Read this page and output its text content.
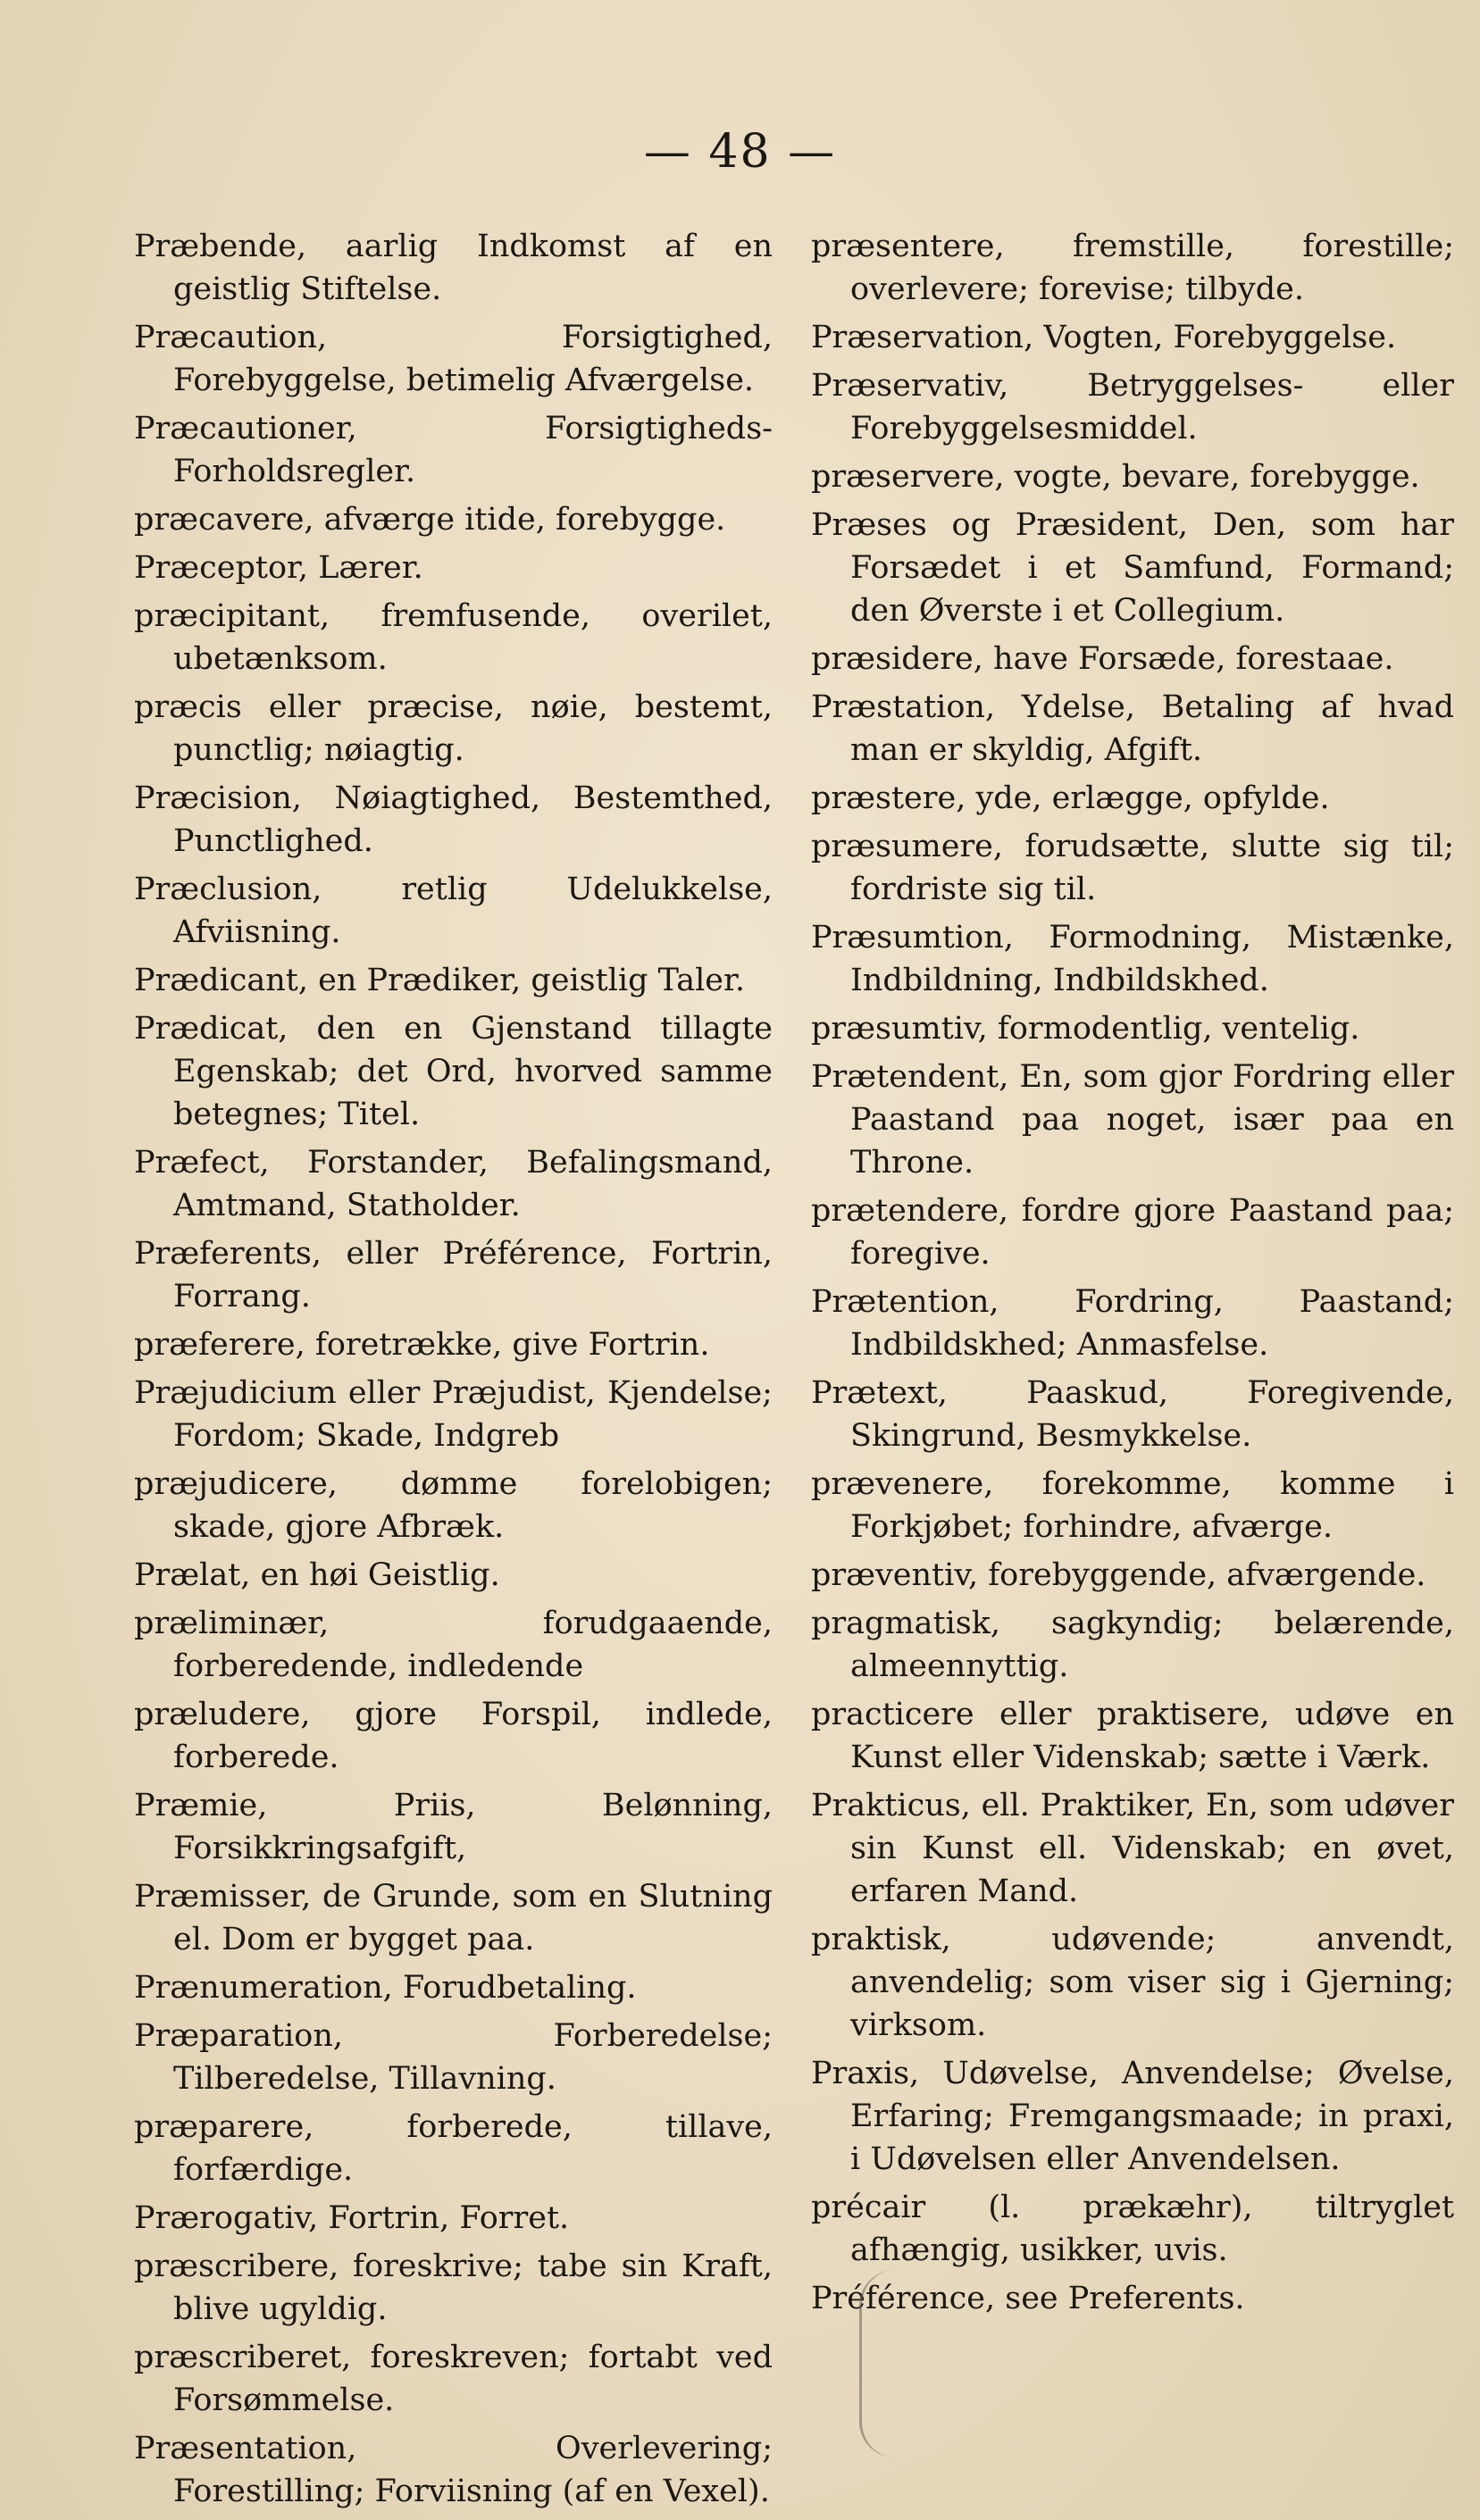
— 48 —

Præbende, aarlig Indkomst af en geistlig Stiftelse.

Præcaution,	Forsigtighed, Forebyggelse, betimelig Afværgelse.

Præcautioner,	Forsigtigheds-Forholdsregler.

præcavere, afværge itide, forebygge.

Præceptor, Lærer.

præcipitant, fremfusende, overilet, ubetænksom.

præcis eller præcise, nøie, bestemt, punctlig; nøiagtig.

Præcision, Nøiagtighed, Bestemthed, Punctlighed.

Præclusion,	retlig Udelukkelse, Afviisning.

Prædicant, en Prædiker, geistlig Taler.

Prædicat, den en Gjenstand tillagte Egenskab; det Ord, hvorved samme betegnes; Titel.

Præfect, Forstander, Befalingsmand, Amtmand, Statholder.

Præferents, eller Préférence, Fortrin, Forrang.

præferere, foretrække, give Fortrin.

Præjudicium eller Præjudist, Kjendelse; Fordom; Skade, Indgreb

præjudicere, dømme forelobigen; skade, gjore Afbræk.

Prælat, en høi Geistlig.

præliminær,	forudgaaende, forberedende, indledende

præludere, gjore Forspil, indlede, forberede.

Præmie,	Priis, Belønning, Forsikkringsafgift,

Præmisser, de Grunde, som en Slutning el. Dom er bygget paa.

Prænumeration, Forudbetaling.

Præparation,	Forberedelse; Tilberedelse, Tillavning.

præparere,	forberede, tillave, forfærdige.

Prærogativ, Fortrin, Forret.

præscribere, foreskrive; tabe sin Kraft, blive ugyldig.

præscriberet, foreskreven; fortabt ved Forsømmelse.

Præsentation,	Overlevering; Forestilling; Forviisning (af en Vexel).

præsentere, fremstille, forestille; overlevere; forevise; tilbyde.

Præservation, Vogten, Forebyggelse.

Præservativ,	Betryggelses- eller Forebyggelsesmiddel.

præservere, vogte, bevare, forebygge.

Præses og Præsident, Den, som har Forsædet i et Samfund, Formand; den Øverste i et Collegium.

præsidere, have Forsæde, forestaae.

Præstation, Ydelse, Betaling af hvad man er skyldig, Afgift.

præstere, yde, erlægge, opfylde.

præsumere, forudsætte, slutte sig til; fordriste sig til.

Præsumtion, Formodning, Mistænke, Indbildning, Indbildskhed.

præsumtiv, formodentlig, ventelig.

Prætendent, En, som gjor Fordring eller Paastand paa noget, især paa en Throne.

prætendere, fordre gjore Paastand paa; foregive.

Prætention, Fordring, Paastand; Indbildskhed; Anmasfelse.

Prætext,	Paaskud, Foregivende, Skingrund, Besmykkelse.

prævenere, forekomme, komme i Forkjøbet; forhindre, afværge.

præventiv, forebyggende, afværgende.

pragmatisk, sagkyndig; belærende, almeennyttig.

practicere eller praktisere, udøve en Kunst eller Videnskab; sætte i Værk.

Prakticus, ell. Praktiker, En, som udøver sin Kunst ell. Videnskab; en øvet, erfaren Mand.

praktisk,	udøvende; anvendt, anvendelig; som viser sig i Gjerning; virksom.

Praxis, Udøvelse, Anvendelse; Øvelse, Erfaring; Fremgangsmaade; in praxi, i Udøvelsen eller Anvendelsen.

précair (l. prækæhr), tiltryglet afhængig, usikker, uvis.

Préférence, see Preferents.
